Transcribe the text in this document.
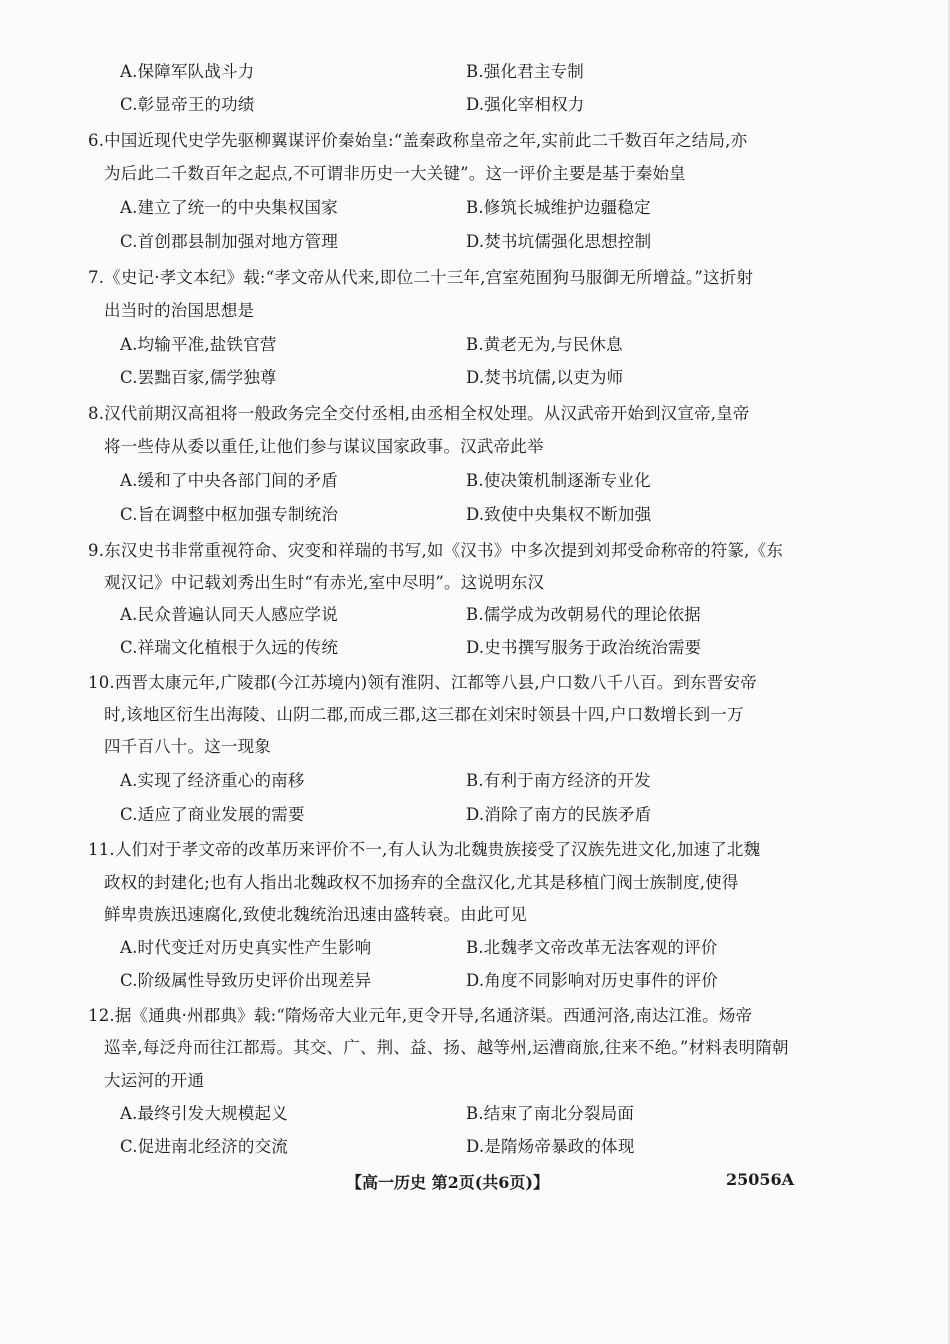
A.保障军队战斗力	B.强化君主专制
C.彰显帝王的功绩	D.强化宰相权力
6.中国近现代史学先驱柳翼谋评价秦始皇:“盖秦政称皇帝之年,实前此二千数百年之结局,亦
为后此二千数百年之起点,不可谓非历史一大关键”。这一评价主要是基于秦始皇
A.建立了统一的中央集权国家	B.修筑长城维护边疆稳定
C.首创郡县制加强对地方管理	D.焚书坑儒强化思想控制
7.《史记·孝文本纪》载:“孝文帝从代来,即位二十三年,宫室苑囿狗马服御无所增益。”这折射
出当时的治国思想是
A.均输平准,盐铁官营	B.黄老无为,与民休息
C.罢黜百家,儒学独尊	D.焚书坑儒,以吏为师
8.汉代前期汉高祖将一般政务完全交付丞相,由丞相全权处理。从汉武帝开始到汉宣帝,皇帝
将一些侍从委以重任,让他们参与谋议国家政事。汉武帝此举
A.缓和了中央各部门间的矛盾	B.使决策机制逐渐专业化
C.旨在调整中枢加强专制统治	D.致使中央集权不断加强
9.东汉史书非常重视符命、灾变和祥瑞的书写,如《汉书》中多次提到刘邦受命称帝的符篆,《东
观汉记》中记载刘秀出生时“有赤光,室中尽明”。这说明东汉
A.民众普遍认同天人感应学说	B.儒学成为改朝易代的理论依据
C.祥瑞文化植根于久远的传统	D.史书撰写服务于政治统治需要
10.西晋太康元年,广陵郡(今江苏境内)领有淮阴、江都等八县,户口数八千八百。到东晋安帝
时,该地区衍生出海陵、山阴二郡,而成三郡,这三郡在刘宋时领县十四,户口数增长到一万
四千百八十。这一现象
A.实现了经济重心的南移	B.有利于南方经济的开发
C.适应了商业发展的需要	D.消除了南方的民族矛盾
11.人们对于孝文帝的改革历来评价不一,有人认为北魏贵族接受了汉族先进文化,加速了北魏
政权的封建化;也有人指出北魏政权不加扬弃的全盘汉化,尤其是移植门阀士族制度,使得
鲜卑贵族迅速腐化,致使北魏统治迅速由盛转衰。由此可见
A.时代变迁对历史真实性产生影响	B.北魏孝文帝改革无法客观的评价
C.阶级属性导致历史评价出现差异	D.角度不同影响对历史事件的评价
12.据《通典·州郡典》载:“隋炀帝大业元年,更令开导,名通济渠。西通河洛,南达江淮。炀帝
巡幸,每泛舟而往江都焉。其交、广、荆、益、扬、越等州,运漕商旅,往来不绝。”材料表明隋朝
大运河的开通
A.最终引发大规模起义	B.结束了南北分裂局面
C.促进南北经济的交流	D.是隋炀帝暴政的体现
【高一历史 第2页(共6页)】	25056A
